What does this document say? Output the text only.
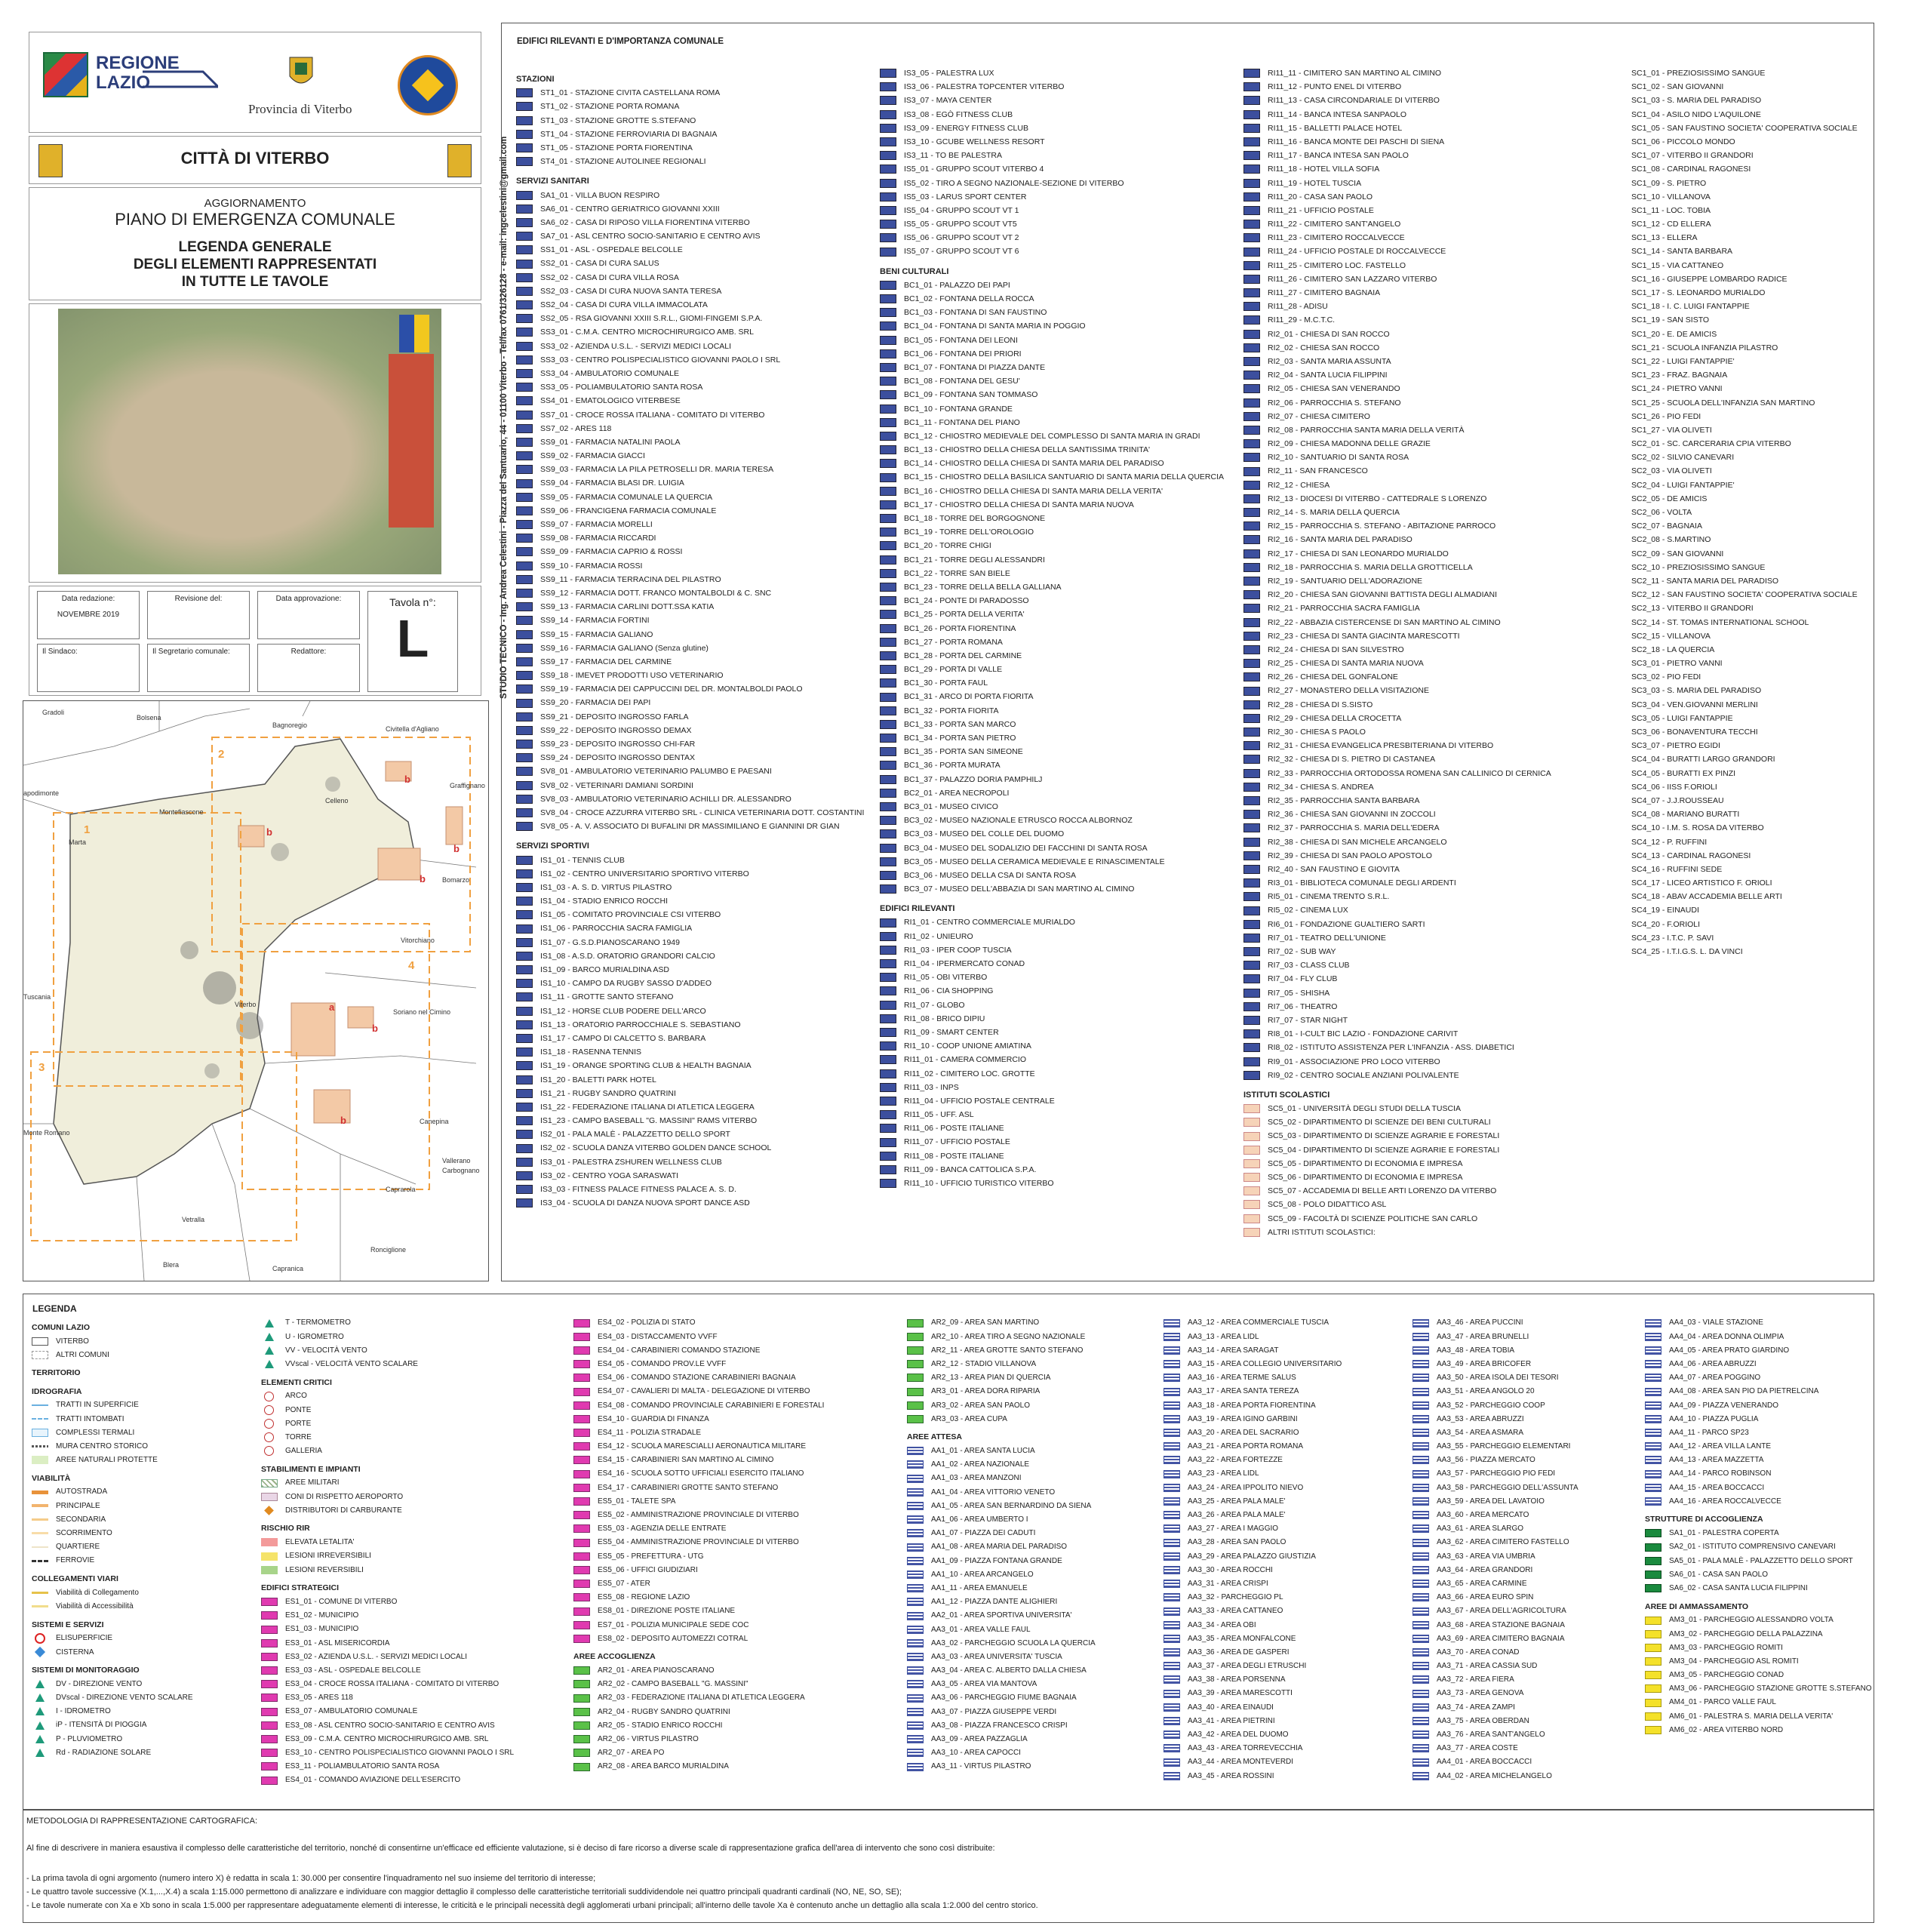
REGIONE
LAZIO
Provincia di Viterbo
CITTÀ DI VITERBO
AGGIORNAMENTO
PIANO DI EMERGENZA COMUNALE
LEGENDA GENERALE
DEGLI ELEMENTI RAPPRESENTATI
IN TUTTE LE TAVOLE
Data redazione:
NOVEMBRE 2019
Revisione del:	Data approvazione:	Tavola n°:
L
Il Sindaco:	Il Segretario comunale:	Redattore:	STUDIO TECNICO - Ing. Andrea Celestini - Piazza del Santuario, 44 - 01100 Viterbo - Tel/fax 0761/326128 - e-mail: ingcelestini@gmail.com
Gradoli
Bolsena
Bagnoregio	Civitella d'Agliano
Graffignano
Celleno
Montefiascone
Marta
Bomarzo
Vitorchiano
Soriano nel Cimino
Viterbo
Tuscania
Canepina
Vallerano
Carbognano
Caprarola
Vetralla
Ronciglione
Capranica
Blera
Monte Romano
apodimonte
1
2
3
4
a
b
b
b
b
b
b
EDIFICI RILEVANTI E D'IMPORTANZA COMUNALE
STAZIONI
ST1_01 - STAZIONE CIVITA CASTELLANA ROMA
ST1_02 - STAZIONE PORTA ROMANA
ST1_03 - STAZIONE GROTTE S.STEFANO
ST1_04 - STAZIONE FERROVIARIA DI BAGNAIA
ST1_05 - STAZIONE PORTA FIORENTINA
ST4_01 - STAZIONE AUTOLINEE REGIONALI
SERVIZI SANITARI
SA1_01 - VILLA BUON RESPIRO
SA6_01 - CENTRO GERIATRICO GIOVANNI XXIII
SA6_02 - CASA DI RIPOSO VILLA FIORENTINA VITERBO
SA7_01 - ASL CENTRO SOCIO-SANITARIO E CENTRO AVIS
SS1_01 - ASL - OSPEDALE BELCOLLE
SS2_01 - CASA DI CURA SALUS
SS2_02 - CASA DI CURA VILLA ROSA
SS2_03 - CASA DI CURA NUOVA SANTA TERESA
SS2_04 - CASA DI CURA VILLA IMMACOLATA
SS2_05 - RSA GIOVANNI XXIII S.R.L., GIOMI-FINGEMI S.P.A.
SS3_01 - C.M.A. CENTRO MICROCHIRURGICO AMB. SRL
SS3_02 - AZIENDA U.S.L. - SERVIZI MEDICI LOCALI
SS3_03 - CENTRO POLISPECIALISTICO GIOVANNI PAOLO I SRL
SS3_04 - AMBULATORIO COMUNALE
SS3_05 - POLIAMBULATORIO SANTA ROSA
SS4_01 - EMATOLOGICO VITERBESE
SS7_01 - CROCE ROSSA ITALIANA - COMITATO DI VITERBO
SS7_02 - ARES 118
SS9_01 - FARMACIA NATALINI PAOLA
SS9_02 - FARMACIA GIACCI
SS9_03 - FARMACIA LA PILA PETROSELLI DR. MARIA TERESA
SS9_04 - FARMACIA BLASI DR. LUIGIA
SS9_05 - FARMACIA COMUNALE LA QUERCIA
SS9_06 - FRANCIGENA FARMACIA COMUNALE
SS9_07 - FARMACIA MORELLI
SS9_08 - FARMACIA RICCARDI
SS9_09 - FARMACIA CAPRIO & ROSSI
SS9_10 - FARMACIA ROSSI
SS9_11 - FARMACIA TERRACINA DEL PILASTRO
SS9_12 - FARMACIA DOTT. FRANCO MONTALBOLDI & C. SNC
SS9_13 - FARMACIA CARLINI DOTT.SSA KATIA
SS9_14 - FARMACIA FORTINI
SS9_15 - FARMACIA GALIANO
SS9_16 - FARMACIA GALIANO (Senza glutine)
SS9_17 - FARMACIA DEL CARMINE
SS9_18 - IMEVET PRODOTTI USO VETERINARIO
SS9_19 - FARMACIA DEI CAPPUCCINI DEL DR. MONTALBOLDI PAOLO
SS9_20 - FARMACIA DEI PAPI
SS9_21 - DEPOSITO INGROSSO FARLA
SS9_22 - DEPOSITO INGROSSO DEMAX
SS9_23 - DEPOSITO INGROSSO CHI-FAR
SS9_24 - DEPOSITO INGROSSO DENTAX
SV8_01 - AMBULATORIO VETERINARIO PALUMBO E PAESANI
SV8_02 - VETERINARI DAMIANI SORDINI
SV8_03 - AMBULATORIO VETERINARIO ACHILLI DR. ALESSANDRO
SV8_04 - CROCE AZZURRA VITERBO SRL - CLINICA VETERINARIA DOTT. COSTANTINI
SV8_05 - A. V. ASSOCIATO DI BUFALINI DR MASSIMILIANO E GIANNINI DR GIAN
SERVIZI SPORTIVI
IS1_01 - TENNIS CLUB
IS1_02 - CENTRO UNIVERSITARIO SPORTIVO VITERBO
IS1_03 - A. S. D. VIRTUS PILASTRO
IS1_04 - STADIO ENRICO ROCCHI
IS1_05 - COMITATO PROVINCIALE CSI VITERBO
IS1_06 - PARROCCHIA SACRA FAMIGLIA
IS1_07 - G.S.D.PIANOSCARANO 1949
IS1_08 - A.S.D. ORATORIO GRANDORI CALCIO
IS1_09 - BARCO MURIALDINA ASD
IS1_10 - CAMPO DA RUGBY SASSO D'ADDEO
IS1_11 - GROTTE SANTO STEFANO
IS1_12 - HORSE CLUB PODERE DELL'ARCO
IS1_13 - ORATORIO PARROCCHIALE S. SEBASTIANO
IS1_17 - CAMPO DI CALCETTO S. BARBARA
IS1_18 - RASENNA TENNIS
IS1_19 - ORANGE SPORTING CLUB & HEALTH BAGNAIA
IS1_20 - BALETTI PARK HOTEL
IS1_21 - RUGBY SANDRO QUATRINI
IS1_22 - FEDERAZIONE ITALIANA DI ATLETICA LEGGERA
IS1_23 - CAMPO BASEBALL "G. MASSINI" RAMS VITERBO
IS2_01 - PALA MALÈ - PALAZZETTO DELLO SPORT
IS2_02 - SCUOLA DANZA VITERBO GOLDEN DANCE SCHOOL
IS3_01 - PALESTRA ZSHUREN WELLNESS CLUB
IS3_02 - CENTRO YOGA SARASWATI
IS3_03 - FITNESS PALACE FITNESS PALACE A. S. D.
IS3_04 - SCUOLA DI DANZA NUOVA SPORT DANCE ASD
IS3_05 - PALESTRA LUX
IS3_06 - PALESTRA TOPCENTER VITERBO
IS3_07 - MAYA CENTER
IS3_08 - EGÒ FITNESS CLUB
IS3_09 - ENERGY FITNESS CLUB
IS3_10 - GCUBE WELLNESS RESORT
IS3_11 - TO BE PALESTRA
IS5_01 - GRUPPO SCOUT VITERBO 4
IS5_02 - TIRO A SEGNO NAZIONALE-SEZIONE DI VITERBO
IS5_03 - LARUS SPORT CENTER
IS5_04 - GRUPPO SCOUT VT 1
IS5_05 - GRUPPO SCOUT VT5
IS5_06 - GRUPPO SCOUT VT 2
IS5_07 - GRUPPO SCOUT VT 6
BENI CULTURALI
BC1_01 - PALAZZO DEI PAPI
BC1_02 - FONTANA DELLA ROCCA
BC1_03 - FONTANA DI SAN FAUSTINO
BC1_04 - FONTANA DI SANTA MARIA IN POGGIO
BC1_05 - FONTANA DEI LEONI
BC1_06 - FONTANA DEI PRIORI
BC1_07 - FONTANA DI PIAZZA DANTE
BC1_08 - FONTANA DEL GESU'
BC1_09 - FONTANA SAN TOMMASO
BC1_10 - FONTANA GRANDE
BC1_11 - FONTANA DEL PIANO
BC1_12 - CHIOSTRO MEDIEVALE DEL COMPLESSO DI SANTA MARIA IN GRADI
BC1_13 - CHIOSTRO DELLA CHIESA DELLA SANTISSIMA TRINITA'
BC1_14 - CHIOSTRO DELLA CHIESA DI SANTA MARIA DEL PARADISO
BC1_15 - CHIOSTRO DELLA BASILICA SANTUARIO DI SANTA MARIA DELLA QUERCIA
BC1_16 - CHIOSTRO DELLA CHIESA DI SANTA MARIA DELLA VERITA'
BC1_17 - CHIOSTRO DELLA CHIESA DI SANTA MARIA NUOVA
BC1_18 - TORRE DEL BORGOGNONE
BC1_19 - TORRE DELL'OROLOGIO
BC1_20 - TORRE CHIGI
BC1_21 - TORRE DEGLI ALESSANDRI
BC1_22 - TORRE SAN BIELE
BC1_23 - TORRE DELLA BELLA GALLIANA
BC1_24 - PONTE DI PARADOSSO
BC1_25 - PORTA DELLA VERITA'
BC1_26 - PORTA FIORENTINA
BC1_27 - PORTA ROMANA
BC1_28 - PORTA DEL CARMINE
BC1_29 - PORTA DI VALLE
BC1_30 - PORTA FAUL
BC1_31 - ARCO DI PORTA FIORITA
BC1_32 - PORTA FIORITA
BC1_33 - PORTA SAN MARCO
BC1_34 - PORTA SAN PIETRO
BC1_35 - PORTA SAN SIMEONE
BC1_36 - PORTA MURATA
BC1_37 - PALAZZO DORIA PAMPHILJ
BC2_01 - AREA NECROPOLI
BC3_01 - MUSEO CIVICO
BC3_02 - MUSEO NAZIONALE ETRUSCO ROCCA ALBORNOZ
BC3_03 - MUSEO DEL COLLE DEL DUOMO
BC3_04 - MUSEO DEL SODALIZIO DEI FACCHINI DI SANTA ROSA
BC3_05 - MUSEO DELLA CERAMICA MEDIEVALE E RINASCIMENTALE
BC3_06 - MUSEO DELLA CSA DI SANTA ROSA
BC3_07 - MUSEO DELL'ABBAZIA DI SAN MARTINO AL CIMINO
EDIFICI RILEVANTI
RI1_01 - CENTRO COMMERCIALE MURIALDO
RI1_02 - UNIEURO
RI1_03 - IPER COOP TUSCIA
RI1_04 - IPERMERCATO CONAD
RI1_05 - OBI VITERBO
RI1_06 - CIA SHOPPING
RI1_07 - GLOBO
RI1_08 - BRICO DIPIU
RI1_09 - SMART CENTER
RI1_10 - COOP UNIONE AMIATINA
RI11_01 - CAMERA COMMERCIO
RI11_02 - CIMITERO LOC. GROTTE
RI11_03 - INPS
RI11_04 - UFFICIO POSTALE CENTRALE
RI11_05 - UFF. ASL
RI11_06 - POSTE ITALIANE
RI11_07 - UFFICIO POSTALE
RI11_08 - POSTE ITALIANE
RI11_09 - BANCA CATTOLICA S.P.A.
RI11_10 - UFFICIO TURISTICO VITERBO
RI11_11 - CIMITERO SAN MARTINO AL CIMINO
RI11_12 - PUNTO ENEL DI VITERBO
RI11_13 - CASA CIRCONDARIALE DI VITERBO
RI11_14 - BANCA INTESA SANPAOLO
RI11_15 - BALLETTI PALACE HOTEL
RI11_16 - BANCA MONTE DEI PASCHI DI SIENA
RI11_17 - BANCA INTESA SAN PAOLO
RI11_18 - HOTEL VILLA SOFIA
RI11_19 - HOTEL TUSCIA
RI11_20 - CASA SAN PAOLO
RI11_21 - UFFICIO POSTALE
RI11_22 - CIMITERO SANT'ANGELO
RI11_23 - CIMITERO ROCCALVECCE
RI11_24 - UFFICIO POSTALE DI ROCCALVECCE
RI11_25 - CIMITERO LOC. FASTELLO
RI11_26 - CIMITERO SAN LAZZARO VITERBO
RI11_27 - CIMITERO BAGNAIA
RI11_28 - ADISU
RI11_29 - M.C.T.C.
RI2_01 - CHIESA DI SAN ROCCO
RI2_02 - CHIESA SAN ROCCO
RI2_03 - SANTA MARIA ASSUNTA
RI2_04 - SANTA LUCIA FILIPPINI
RI2_05 - CHIESA SAN VENERANDO
RI2_06 - PARROCCHIA S. STEFANO
RI2_07 - CHIESA CIMITERO
RI2_08 - PARROCCHIA SANTA MARIA DELLA VERITÀ
RI2_09 - CHIESA MADONNA DELLE GRAZIE
RI2_10 - SANTUARIO DI SANTA ROSA
RI2_11 - SAN FRANCESCO
RI2_12 - CHIESA
RI2_13 - DIOCESI DI VITERBO - CATTEDRALE S LORENZO
RI2_14 - S. MARIA DELLA QUERCIA
RI2_15 - PARROCCHIA S. STEFANO - ABITAZIONE PARROCO
RI2_16 - SANTA MARIA DEL PARADISO
RI2_17 - CHIESA DI SAN LEONARDO MURIALDO
RI2_18 - PARROCCHIA S. MARIA DELLA GROTTICELLA
RI2_19 - SANTUARIO DELL'ADORAZIONE
RI2_20 - CHIESA SAN GIOVANNI BATTISTA DEGLI ALMADIANI
RI2_21 - PARROCCHIA SACRA FAMIGLIA
RI2_22 - ABBAZIA CISTERCENSE DI SAN MARTINO AL CIMINO
RI2_23 - CHIESA DI SANTA GIACINTA MARESCOTTI
RI2_24 - CHIESA DI SAN SILVESTRO
RI2_25 - CHIESA DI SANTA MARIA NUOVA
RI2_26 - CHIESA DEL GONFALONE
RI2_27 - MONASTERO DELLA VISITAZIONE
RI2_28 - CHIESA DI S.SISTO
RI2_29 - CHIESA DELLA CROCETTA
RI2_30 - CHIESA S PAOLO
RI2_31 - CHIESA EVANGELICA PRESBITERIANA DI VITERBO
RI2_32 - CHIESA DI S. PIETRO DI CASTANEA
RI2_33 - PARROCCHIA ORTODOSSA ROMENA SAN CALLINICO DI CERNICA
RI2_34 - CHIESA S. ANDREA
RI2_35 - PARROCCHIA SANTA BARBARA
RI2_36 - CHIESA SAN GIOVANNI IN ZOCCOLI
RI2_37 - PARROCCHIA S. MARIA DELL'EDERA
RI2_38 - CHIESA DI SAN MICHELE ARCANGELO
RI2_39 - CHIESA DI SAN PAOLO APOSTOLO
RI2_40 - SAN FAUSTINO E GIOVITA
RI3_01 - BIBLIOTECA COMUNALE DEGLI ARDENTI
RI5_01 - CINEMA TRENTO S.R.L.
RI5_02 - CINEMA LUX
RI6_01 - FONDAZIONE GUALTIERO SARTI
RI7_01 - TEATRO DELL'UNIONE
RI7_02 - SUB WAY
RI7_03 - CLASS CLUB
RI7_04 - FLY CLUB
RI7_05 - SHISHA
RI7_06 - THEATRO
RI7_07 - STAR NIGHT
RI8_01 - I-CULT BIC LAZIO - FONDAZIONE CARIVIT
RI8_02 - ISTITUTO ASSISTENZA PER L'INFANZIA - ASS. DIABETICI
RI9_01 - ASSOCIAZIONE PRO LOCO VITERBO
RI9_02 - CENTRO SOCIALE ANZIANI POLIVALENTE
ISTITUTI SCOLASTICI
SC5_01 - UNIVERSITÀ DEGLI STUDI DELLA TUSCIA
SC5_02 - DIPARTIMENTO DI SCIENZE DEI BENI CULTURALI
SC5_03 - DIPARTIMENTO DI SCIENZE AGRARIE E FORESTALI
SC5_04 - DIPARTIMENTO DI SCIENZE AGRARIE E FORESTALI
SC5_05 - DIPARTIMENTO DI ECONOMIA E IMPRESA
SC5_06 - DIPARTIMENTO DI ECONOMIA E IMPRESA
SC5_07 - ACCADEMIA DI BELLE ARTI LORENZO DA VITERBO
SC5_08 - POLO DIDATTICO ASL
SC5_09 - FACOLTÀ DI SCIENZE POLITICHE SAN CARLO
ALTRI ISTITUTI SCOLASTICI:
SC1_01 - PREZIOSISSIMO SANGUE
SC1_02 - SAN GIOVANNI
SC1_03 - S. MARIA DEL PARADISO
SC1_04 - ASILO NIDO L'AQUILONE
SC1_05 - SAN FAUSTINO SOCIETA' COOPERATIVA SOCIALE
SC1_06 - PICCOLO MONDO
SC1_07 - VITERBO II GRANDORI
SC1_08 - CARDINAL RAGONESI
SC1_09 - S. PIETRO
SC1_10 - VILLANOVA
SC1_11 - LOC. TOBIA
SC1_12 - CD ELLERA
SC1_13 - ELLERA
SC1_14 - SANTA BARBARA
SC1_15 - VIA CATTANEO
SC1_16 - GIUSEPPE LOMBARDO RADICE
SC1_17 - S. LEONARDO MURIALDO
SC1_18 - I. C. LUIGI FANTAPPIE
SC1_19 - SAN SISTO
SC1_20 - E. DE AMICIS
SC1_21 - SCUOLA INFANZIA PILASTRO
SC1_22 - LUIGI FANTAPPIE'
SC1_23 - FRAZ. BAGNAIA
SC1_24 - PIETRO VANNI
SC1_25 - SCUOLA DELL'INFANZIA SAN MARTINO
SC1_26 - PIO FEDI
SC1_27 - VIA OLIVETI
SC2_01 - SC. CARCERARIA CPIA VITERBO
SC2_02 - SILVIO CANEVARI
SC2_03 - VIA OLIVETI
SC2_04 - LUIGI FANTAPPIE'
SC2_05 - DE AMICIS
SC2_06 - VOLTA
SC2_07 - BAGNAIA
SC2_08 - S.MARTINO
SC2_09 - SAN GIOVANNI
SC2_10 - PREZIOSISSIMO SANGUE
SC2_11 - SANTA MARIA DEL PARADISO
SC2_12 - SAN FAUSTINO SOCIETA' COOPERATIVA SOCIALE
SC2_13 - VITERBO II GRANDORI
SC2_14 - ST. TOMAS INTERNATIONAL SCHOOL
SC2_15 - VILLANOVA
SC2_18 - LA QUERCIA
SC3_01 - PIETRO VANNI
SC3_02 - PIO FEDI
SC3_03 - S. MARIA DEL PARADISO
SC3_04 - VEN.GIOVANNI MERLINI
SC3_05 - LUIGI FANTAPPIE
SC3_06 - BONAVENTURA TECCHI
SC3_07 - PIETRO EGIDI
SC4_04 - BURATTI LARGO GRANDORI
SC4_05 - BURATTI EX PINZI
SC4_06 - IISS F.ORIOLI
SC4_07 - J.J.ROUSSEAU
SC4_08 - MARIANO BURATTI
SC4_10 - I.M. S. ROSA DA VITERBO
SC4_12 - P. RUFFINI
SC4_13 - CARDINAL RAGONESI
SC4_16 - RUFFINI SEDE
SC4_17 - LICEO ARTISTICO F. ORIOLI
SC4_18 - ABAV ACCADEMIA BELLE ARTI
SC4_19 - EINAUDI
SC4_20 - F.ORIOLI
SC4_23 - I.T.C. P. SAVI
SC4_25 - I.T.I.G.S. L. DA VINCI
LEGENDA
COMUNI LAZIO
VITERBO
ALTRI COMUNI
TERRITORIO
IDROGRAFIA
TRATTI IN SUPERFICIE
TRATTI INTOMBATI
COMPLESSI TERMALI
MURA CENTRO STORICO
AREE NATURALI PROTETTE
VIABILITÀ
AUTOSTRADA
PRINCIPALE
SECONDARIA
SCORRIMENTO
QUARTIERE
FERROVIE
COLLEGAMENTI VIARI
Viabilità di Collegamento
Viabilità di Accessibilità
SISTEMI E SERVIZI
ELISUPERFICIE
CISTERNA
SISTEMI DI MONITORAGGIO
DV - DIREZIONE VENTO
DVscal - DIREZIONE VENTO SCALARE
I - IDROMETRO
iP - ITENSITÀ DI PIOGGIA
P - PLUVIOMETRO
Rd - RADIAZIONE SOLARE
T - TERMOMETRO
U - IGROMETRO
VV - VELOCITÀ VENTO
VVscal - VELOCITÀ VENTO SCALARE
ELEMENTI CRITICI
ARCO
PONTE
PORTE
TORRE
GALLERIA
STABILIMENTI E IMPIANTI
AREE MILITARI
CONI DI RISPETTO AEROPORTO
DISTRIBUTORI DI CARBURANTE
RISCHIO RIR
ELEVATA LETALITA'
LESIONI IRREVERSIBILI
LESIONI REVERSIBILI
EDIFICI STRATEGICI
ES1_01 - COMUNE DI VITERBO
ES1_02 - MUNICIPIO
ES1_03 - MUNICIPIO
ES3_01 - ASL MISERICORDIA
ES3_02 - AZIENDA U.S.L. - SERVIZI MEDICI LOCALI
ES3_03 - ASL - OSPEDALE BELCOLLE
ES3_04 - CROCE ROSSA ITALIANA - COMITATO DI VITERBO
ES3_05 - ARES 118
ES3_07 - AMBULATORIO COMUNALE
ES3_08 - ASL CENTRO SOCIO-SANITARIO E CENTRO AVIS
ES3_09 - C.M.A. CENTRO MICROCHIRURGICO AMB. SRL
ES3_10 - CENTRO POLISPECIALISTICO GIOVANNI PAOLO I SRL
ES3_11 - POLIAMBULATORIO SANTA ROSA
ES4_01 - COMANDO AVIAZIONE DELL'ESERCITO
ES4_02 - POLIZIA DI STATO
ES4_03 - DISTACCAMENTO VVFF
ES4_04 - CARABINIERI COMANDO STAZIONE
ES4_05 - COMANDO PROV.LE VVFF
ES4_06 - COMANDO STAZIONE CARABINIERI BAGNAIA
ES4_07 - CAVALIERI DI MALTA - DELEGAZIONE DI VITERBO
ES4_08 - COMANDO PROVINCIALE CARABINIERI E FORESTALI
ES4_10 - GUARDIA DI FINANZA
ES4_11 - POLIZIA STRADALE
ES4_12 - SCUOLA MARESCIALLI AERONAUTICA MILITARE
ES4_15 - CARABINIERI SAN MARTINO AL CIMINO
ES4_16 - SCUOLA SOTTO UFFICIALI ESERCITO ITALIANO
ES4_17 - CARABINIERI GROTTE SANTO STEFANO
ES5_01 - TALETE SPA
ES5_02 - AMMINISTRAZIONE PROVINCIALE DI VITERBO
ES5_03 - AGENZIA DELLE ENTRATE
ES5_04 - AMMINISTRAZIONE PROVINCIALE DI VITERBO
ES5_05 - PREFETTURA - UTG
ES5_06 - UFFICI GIUDIZIARI
ES5_07 - ATER
ES5_08 - REGIONE LAZIO
ES8_01 - DIREZIONE POSTE ITALIANE
ES7_01 - POLIZIA MUNICIPALE SEDE COC
ES8_02 - DEPOSITO AUTOMEZZI COTRAL
AREE ACCOGLIENZA
AR2_01 - AREA PIANOSCARANO
AR2_02 - CAMPO BASEBALL "G. MASSINI"
AR2_03 - FEDERAZIONE ITALIANA DI ATLETICA LEGGERA
AR2_04 - RUGBY SANDRO QUATRINI
AR2_05 - STADIO ENRICO ROCCHI
AR2_06 - VIRTUS PILASTRO
AR2_07 - AREA PO
AR2_08 - AREA BARCO MURIALDINA
AR2_09 - AREA SAN MARTINO
AR2_10 - AREA TIRO A SEGNO NAZIONALE
AR2_11 - AREA GROTTE SANTO STEFANO
AR2_12 - STADIO VILLANOVA
AR2_13 - AREA PIAN DI QUERCIA
AR3_01 - AREA DORA RIPARIA
AR3_02 - AREA SAN PAOLO
AR3_03 - AREA CUPA
AREE ATTESA
AA1_01 - AREA SANTA LUCIA
AA1_02 - AREA NAZIONALE
AA1_03 - AREA MANZONI
AA1_04 - AREA VITTORIO VENETO
AA1_05 - AREA SAN BERNARDINO DA SIENA
AA1_06 - AREA UMBERTO I
AA1_07 - PIAZZA DEI CADUTI
AA1_08 - AREA MARIA DEL PARADISO
AA1_09 - PIAZZA FONTANA GRANDE
AA1_10 - AREA ARCANGELO
AA1_11 - AREA EMANUELE
AA1_12 - PIAZZA DANTE ALIGHIERI
AA2_01 - AREA SPORTIVA UNIVERSITA'
AA3_01 - AREA VALLE FAUL
AA3_02 - PARCHEGGIO SCUOLA LA QUERCIA
AA3_03 - AREA UNIVERSITA' TUSCIA
AA3_04 - AREA C. ALBERTO DALLA CHIESA
AA3_05 - AREA VIA MANTOVA
AA3_06 - PARCHEGGIO FIUME BAGNAIA
AA3_07 - PIAZZA GIUSEPPE VERDI
AA3_08 - PIAZZA FRANCESCO CRISPI
AA3_09 - AREA PAZZAGLIA
AA3_10 - AREA CAPOCCI
AA3_11 - VIRTUS PILASTRO
AA3_12 - AREA COMMERCIALE TUSCIA
AA3_13 - AREA LIDL
AA3_14 - AREA SARAGAT
AA3_15 - AREA COLLEGIO UNIVERSITARIO
AA3_16 - AREA TERME SALUS
AA3_17 - AREA SANTA TEREZA
AA3_18 - AREA PORTA FIORENTINA
AA3_19 - AREA IGINO GARBINI
AA3_20 - AREA DEL SACRARIO
AA3_21 - AREA PORTA ROMANA
AA3_22 - AREA FORTEZZE
AA3_23 - AREA LIDL
AA3_24 - AREA IPPOLITO NIEVO
AA3_25 - AREA PALA MALE'
AA3_26 - AREA PALA MALE'
AA3_27 - AREA I MAGGIO
AA3_28 - AREA SAN PAOLO
AA3_29 - AREA PALAZZO GIUSTIZIA
AA3_30 - AREA ROCCHI
AA3_31 - AREA CRISPI
AA3_32 - PARCHEGGIO PL
AA3_33 - AREA CATTANEO
AA3_34 - AREA OBI
AA3_35 - AREA MONFALCONE
AA3_36 - AREA DE GASPERI
AA3_37 - AREA DEGLI ETRUSCHI
AA3_38 - AREA PORSENNA
AA3_39 - AREA MARESCOTTI
AA3_40 - AREA EINAUDI
AA3_41 - AREA PIETRINI
AA3_42 - AREA DEL DUOMO
AA3_43 - AREA TORREVECCHIA
AA3_44 - AREA MONTEVERDI
AA3_45 - AREA ROSSINI
AA3_46 - AREA PUCCINI
AA3_47 - AREA BRUNELLI
AA3_48 - AREA TOBIA
AA3_49 - AREA BRICOFER
AA3_50 - AREA ISOLA DEI TESORI
AA3_51 - AREA ANGOLO 20
AA3_52 - PARCHEGGIO COOP
AA3_53 - AREA ABRUZZI
AA3_54 - AREA ASMARA
AA3_55 - PARCHEGGIO ELEMENTARI
AA3_56 - PIAZZA MERCATO
AA3_57 - PARCHEGGIO PIO FEDI
AA3_58 - PARCHEGGIO DELL'ASSUNTA
AA3_59 - AREA DEL LAVATOIO
AA3_60 - AREA MERCATO
AA3_61 - AREA SLARGO
AA3_62 - AREA CIMITERO FASTELLO
AA3_63 - AREA VIA UMBRIA
AA3_64 - AREA GRANDORI
AA3_65 - AREA CARMINE
AA3_66 - AREA EURO SPIN
AA3_67 - AREA DELL'AGRICOLTURA
AA3_68 - AREA STAZIONE BAGNAIA
AA3_69 - AREA CIMITERO BAGNAIA
AA3_70 - AREA CONAD
AA3_71 - AREA CASSIA SUD
AA3_72 - AREA FIERA
AA3_73 - AREA GENOVA
AA3_74 - AREA ZAMPI
AA3_75 - AREA OBERDAN
AA3_76 - AREA SANT'ANGELO
AA3_77 - AREA COSTE
AA4_01 - AREA BOCCACCI
AA4_02 - AREA MICHELANGELO
AA4_03 - VIALE STAZIONE
AA4_04 - AREA DONNA OLIMPIA
AA4_05 - AREA PRATO GIARDINO
AA4_06 - AREA ABRUZZI
AA4_07 - AREA POGGINO
AA4_08 - AREA SAN PIO DA PIETRELCINA
AA4_09 - PIAZZA VENERANDO
AA4_10 - PIAZZA PUGLIA
AA4_11 - PARCO SP23
AA4_12 - AREA VILLA LANTE
AA4_13 - AREA MAZZETTA
AA4_14 - PARCO ROBINSON
AA4_15 - AREA BOCCACCI
AA4_16 - AREA ROCCALVECCE
STRUTTURE DI ACCOGLIENZA
SA1_01 - PALESTRA COPERTA
SA2_01 - ISTITUTO COMPRENSIVO CANEVARI
SA5_01 - PALA MALÈ - PALAZZETTO DELLO SPORT
SA6_01 - CASA SAN PAOLO
SA6_02 - CASA SANTA LUCIA FILIPPINI
AREE DI AMMASSAMENTO
AM3_01 - PARCHEGGIO ALESSANDRO VOLTA
AM3_02 - PARCHEGGIO DELLA PALAZZINA
AM3_03 - PARCHEGGIO ROMITI
AM3_04 - PARCHEGGIO ASL ROMITI
AM3_05 - PARCHEGGIO CONAD
AM3_06 - PARCHEGGIO STAZIONE GROTTE S.STEFANO
AM4_01 - PARCO VALLE FAUL
AM6_01 - PALESTRA S. MARIA DELLA VERITA'
AM6_02 - AREA VITERBO NORD
METODOLOGIA DI RAPPRESENTAZIONE CARTOGRAFICA:
Al fine di descrivere in maniera esaustiva il complesso delle caratteristiche del territorio, nonché di consentirne un'efficace ed efficiente valutazione, si è deciso di fare ricorso a diverse scale di rappresentazione grafica dell'area di intervento che sono così distribuite:
- La prima tavola di ogni argomento (numero intero X) è redatta in scala 1: 30.000 per consentire l'inquadramento nel suo insieme del territorio di interesse;
- Le quattro tavole successive (X.1,...,X.4) a scala 1:15.000 permettono di analizzare e individuare con maggior dettaglio il complesso delle caratteristiche territoriali suddividendole nei quattro principali quadranti cardinali (NO, NE, SO, SE);
- Le tavole numerate con Xa e Xb sono in scala 1:5.000 per rappresentare adeguatamente elementi di interesse, le criticità e le principali necessità degli agglomerati urbani principali; all'interno delle tavole Xa è contenuto anche un dettaglio alla scala 1:2.000 del centro storico.
